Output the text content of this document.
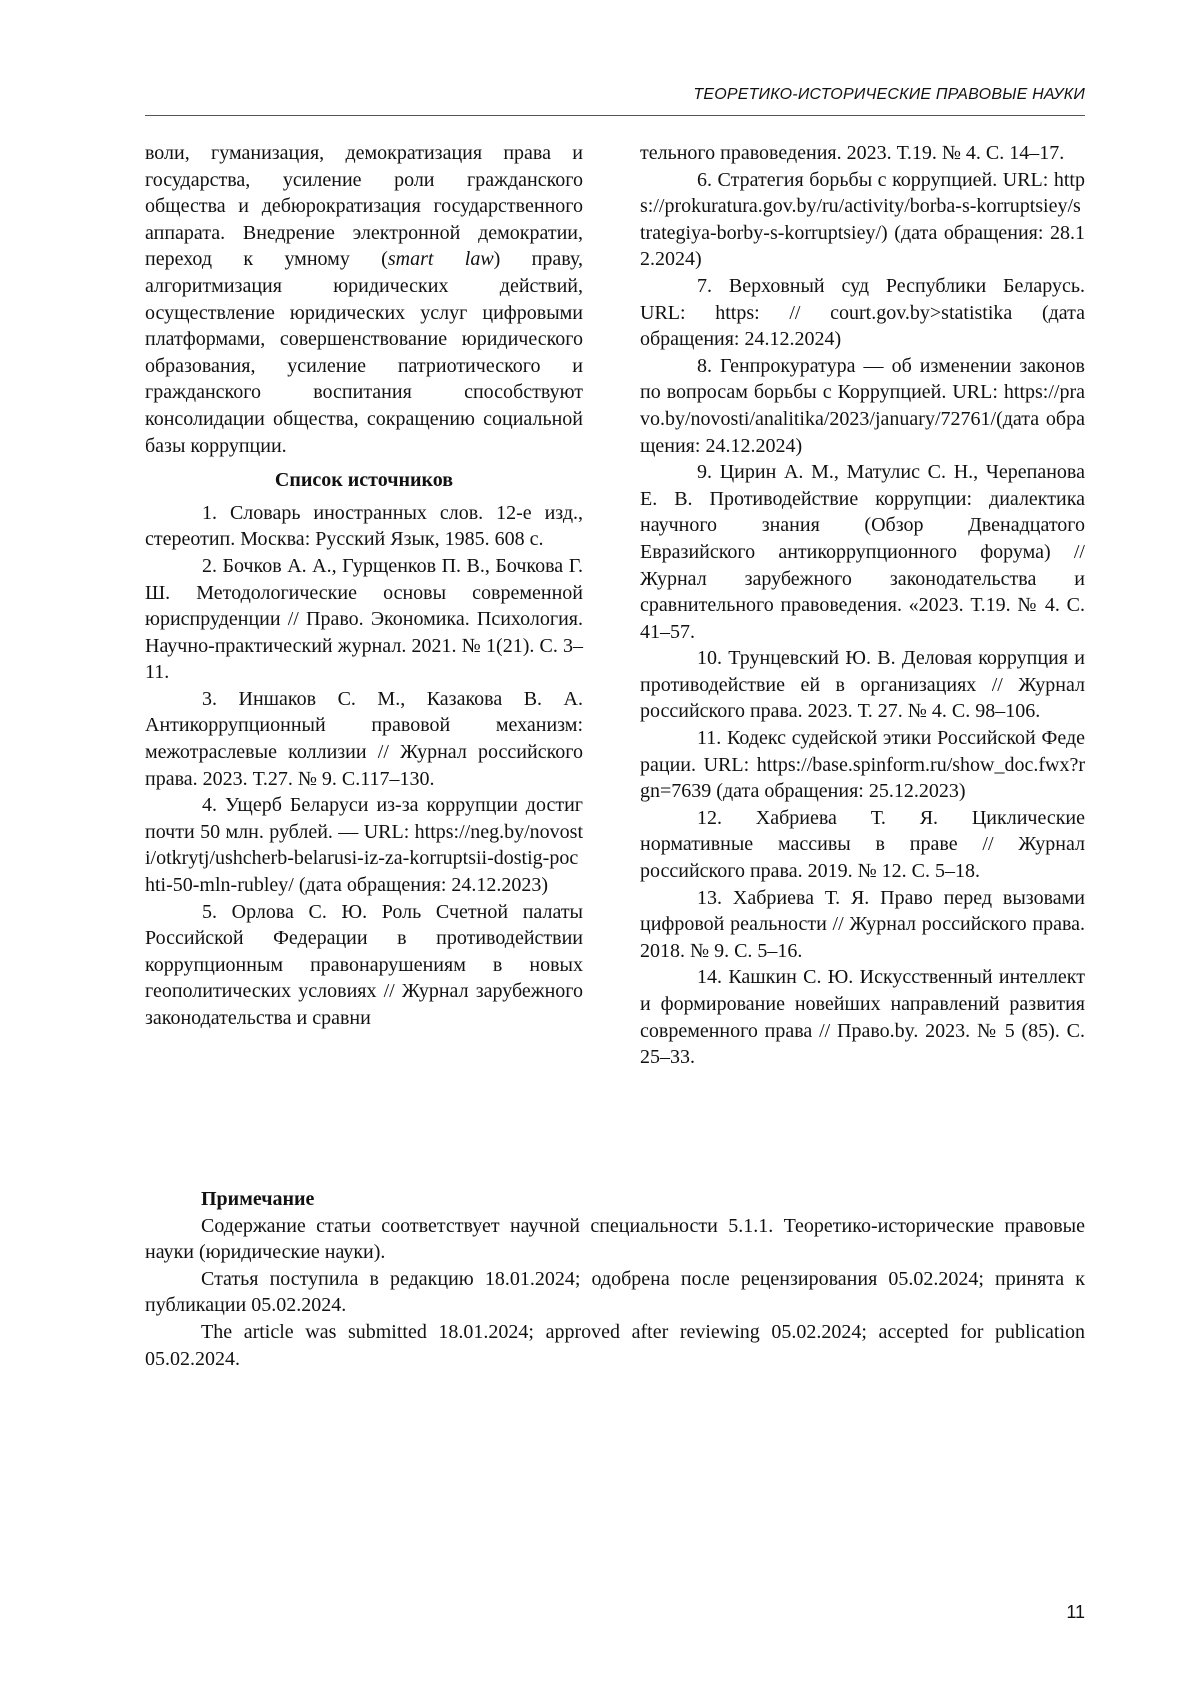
ТЕОРЕТИКО-ИСТОРИЧЕСКИЕ ПРАВОВЫЕ НАУКИ

воли, гуманизация, демократизация права и государства, усиление роли гражданского общества и дебюрократизация государственного аппарата. Внедрение электронной демократии, переход к умному (smart law) праву, алгоритмизация юридических действий, осуществление юридических услуг цифровыми платформами, совершенствование юридического образования, усиление патриотического и гражданского воспитания способствуют консолидации общества, сокращению социальной базы коррупции.

Список источников

1. Словарь иностранных слов. 12-е изд., стереотип. Москва: Русский Язык, 1985. 608 с.

2. Бочков А. А., Гурщенков П. В., Бочкова Г. Ш. Методологические основы современной юриспруденции // Право. Экономика. Психология. Научно-практический журнал. 2021. № 1(21). С. 3–11.

3. Иншаков С. М., Казакова В. А. Антикоррупционный правовой механизм: межотраслевые коллизии // Журнал российского права. 2023. Т.27. № 9. С.117–130.

4. Ущерб Беларуси из-за коррупции достиг почти 50 млн. рублей. — URL: https://neg.by/novosti/otkrytj/ushcherb-belarusi-iz-za-korruptsii-dostig-pochti-50-mln-rubley/ (дата обращения: 24.12.2023)

5. Орлова С. Ю. Роль Счетной палаты Российской Федерации в противодействии коррупционным правонарушениям в новых геополитических условиях // Журнал зарубежного законодательства и сравни

тельного правоведения. 2023. Т.19. № 4. С. 14–17.

6. Стратегия борьбы с коррупцией. URL: https://prokuratura.gov.by/ru/activity/borba-s-korruptsiey/strategiya-borby-s-korruptsiey/) (дата обращения: 28.12.2024)

7. Верховный суд Республики Беларусь. URL: https: // court.gov.by>statistika (дата обращения: 24.12.2024)

8. Генпрокуратура — об изменении законов по вопросам борьбы с Коррупцией. URL: https://pravo.by/novosti/analitika/2023/january/72761/(дата обращения: 24.12.2024)

9. Цирин А. М., Матулис С. Н., Черепанова Е. В. Противодействие коррупции: диалектика научного знания (Обзор Двенадцатого Евразийского антикоррупционного форума) // Журнал зарубежного законодательства и сравнительного правоведения. «2023. Т.19. № 4. С. 41–57.

10. Трунцевский Ю. В. Деловая коррупция и противодействие ей в организациях // Журнал российского права. 2023. Т. 27. № 4. С. 98–106.

11. Кодекс судейской этики Российской Федерации. URL: https://base.spinform.ru/show_doc.fwx?rgn=7639 (дата обращения: 25.12.2023)

12. Хабриева Т. Я. Циклические нормативные массивы в праве // Журнал российского права. 2019. № 12. С. 5–18.

13. Хабриева Т. Я. Право перед вызовами цифровой реальности // Журнал российского права. 2018. № 9. С. 5–16.

14. Кашкин С. Ю. Искусственный интеллект и формирование новейших направлений развития современного права // Право.by. 2023. № 5 (85). С. 25–33.

Примечание

Содержание статьи соответствует научной специальности 5.1.1. Теоретико-исторические правовые науки (юридические науки).

Статья поступила в редакцию 18.01.2024; одобрена после рецензирования 05.02.2024; принята к публикации 05.02.2024.

The article was submitted 18.01.2024; approved after reviewing 05.02.2024; accepted for publication 05.02.2024.

11
